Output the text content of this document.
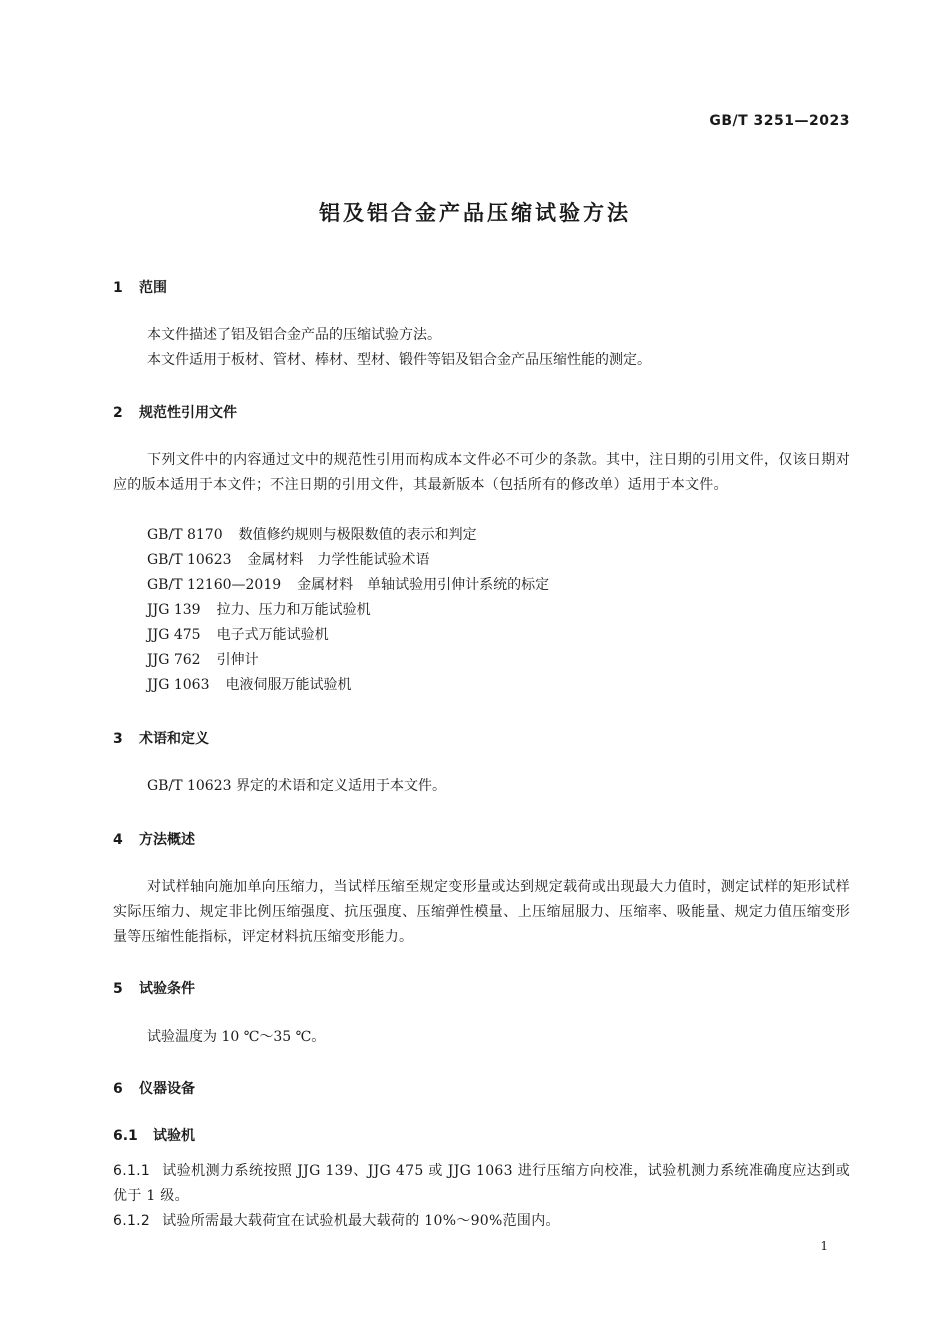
GB/T 3251—2023
铝及铝合金产品压缩试验方法
1 范围
本文件描述了铝及铝合金产品的压缩试验方法。
本文件适用于板材、管材、棒材、型材、锻件等铝及铝合金产品压缩性能的测定。
2 规范性引用文件
下列文件中的内容通过文中的规范性引用而构成本文件必不可少的条款。其中，注日期的引用文件，仅该日期对应的版本适用于本文件；不注日期的引用文件，其最新版本（包括所有的修改单）适用于本文件。
GB/T 8170 数值修约规则与极限数值的表示和判定
GB/T 10623 金属材料　力学性能试验术语
GB/T 12160—2019 金属材料　单轴试验用引伸计系统的标定
JJG 139 拉力、压力和万能试验机
JJG 475 电子式万能试验机
JJG 762 引伸计
JJG 1063 电液伺服万能试验机
3 术语和定义
GB/T 10623 界定的术语和定义适用于本文件。
4 方法概述
对试样轴向施加单向压缩力，当试样压缩至规定变形量或达到规定载荷或出现最大力值时，测定试样的矩形试样实际压缩力、规定非比例压缩强度、抗压强度、压缩弹性模量、上压缩屈服力、压缩率、吸能量、规定力值压缩变形量等压缩性能指标，评定材料抗压缩变形能力。
5 试验条件
试验温度为 10 ℃～35 ℃。
6 仪器设备
6.1 试验机
6.1.1 试验机测力系统按照 JJG 139、JJG 475 或 JJG 1063 进行压缩方向校准，试验机测力系统准确度应达到或优于 1 级。
6.1.2 试验所需最大载荷宜在试验机最大载荷的 10%～90%范围内。
1
